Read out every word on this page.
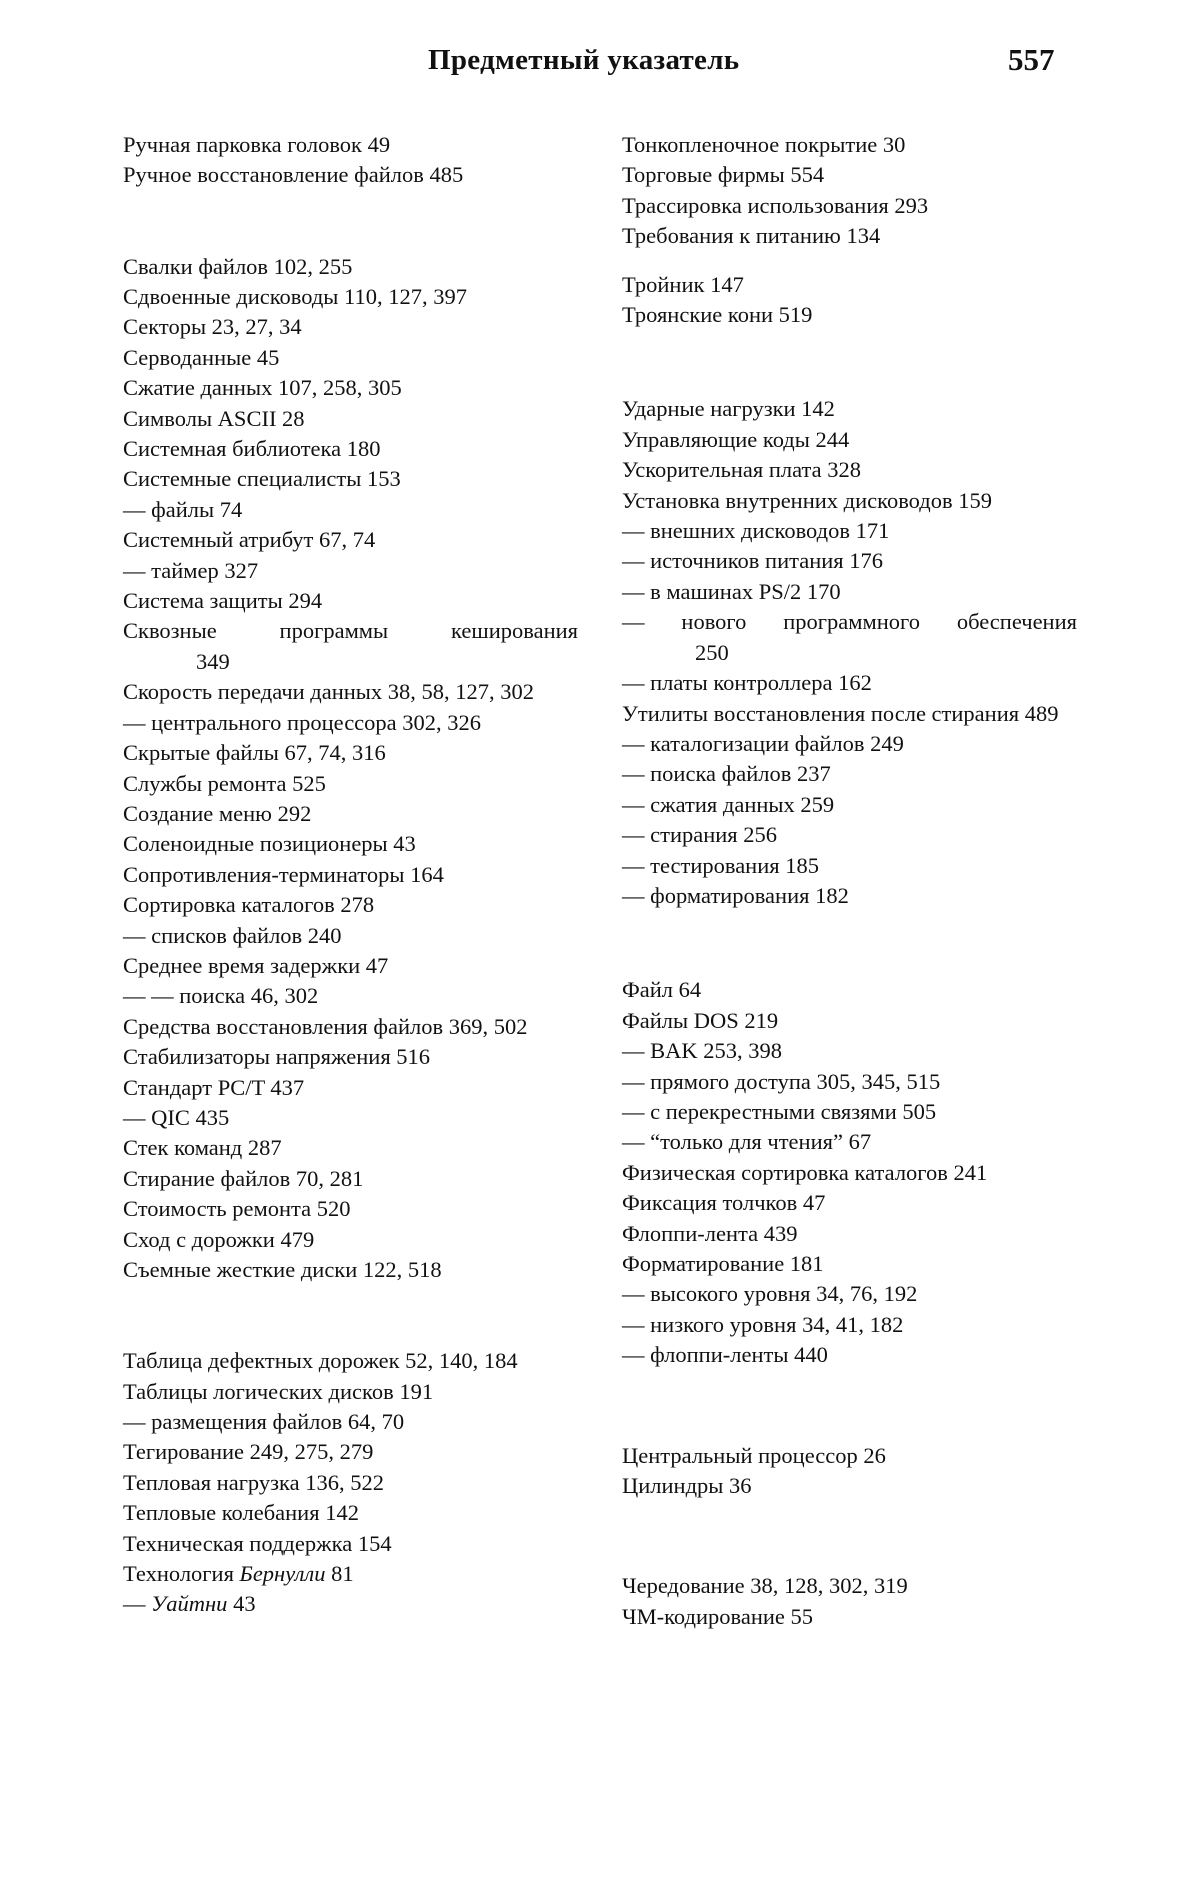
Предметный указатель	557

Ручная парковка головок 49

Ручное восстановление файлов 485

Свалки файлов 102, 255

Сдвоенные дисководы 110, 127, 397

Секторы 23, 27, 34

Серводанные 45

Сжатие данных 107, 258, 305

Символы ASCII 28

Системная библиотека 180

Системные специалисты 153

— файлы 74

Системный атрибут 67, 74

— таймер 327

Система защиты 294

Сквозные программы кеширования

349

Скорость передачи данных 38, 58, 127, 302

— центрального процессора 302, 326

Скрытые файлы 67, 74, 316

Службы ремонта 525

Создание меню 292

Соленоидные позиционеры 43

Сопротивления-терминаторы 164

Сортировка каталогов 278

— списков файлов 240

Среднее время задержки 47

— — поиска 46, 302

Средства восстановления файлов 369, 502

Стабилизаторы напряжения 516

Стандарт PC/T 437

— QIC 435

Стек команд 287

Стирание файлов 70, 281

Стоимость ремонта 520

Сход с дорожки 479

Съемные жесткие диски 122, 518

Таблица дефектных дорожек 52, 140, 184

Таблицы логических дисков 191

— размещения файлов 64, 70

Тегирование 249, 275, 279

Тепловая нагрузка 136, 522

Тепловые колебания 142

Техническая поддержка 154

Технология Бернулли 81

— Уайтни 43

Тонкопленочное покрытие 30

Торговые фирмы 554

Трассировка использования 293

Требования к питанию 134

Тройник 147

Троянские кони 519

Ударные нагрузки 142

Управляющие коды 244

Ускорительная плата 328

Установка внутренних дисководов 159

— внешних дисководов 171

— источников питания 176

— в машинах PS/2 170

— нового программного обеспечения

250

— платы контроллера 162

Утилиты восстановления после стирания 489

— каталогизации файлов 249

— поиска файлов 237

— сжатия данных 259

— стирания 256

— тестирования 185

— форматирования 182

Файл 64

Файлы DOS 219

— BAK 253, 398

— прямого доступа 305, 345, 515

— с перекрестными связями 505

— “только для чтения” 67

Физическая сортировка каталогов 241

Фиксация толчков 47

Флоппи-лента 439

Форматирование 181

— высокого уровня 34, 76, 192

— низкого уровня 34, 41, 182

— флоппи-ленты 440

Центральный процессор 26

Цилиндры 36

Чередование 38, 128, 302, 319

ЧМ-кодирование 55
